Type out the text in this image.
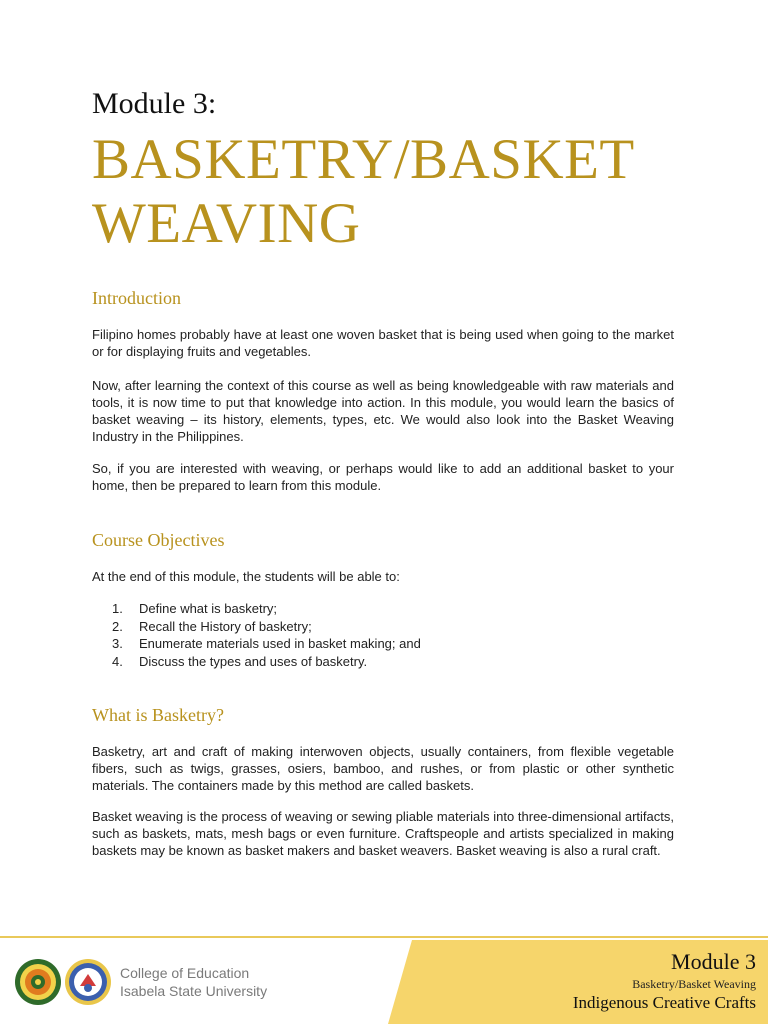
Module 3:
BASKETRY/BASKET
WEAVING
Introduction

Filipino homes probably have at least one woven basket that is being used when going to the market or for displaying fruits and vegetables.

Now, after learning the context of this course as well as being knowledgeable with raw materials and tools, it is now time to put that knowledge into action. In this module, you would learn the basics of basket weaving – its history, elements, types, etc. We would also look into the Basket Weaving Industry in the Philippines.

So, if you are interested with weaving, or perhaps would like to add an additional basket to your home, then be prepared to learn from this module.

Course Objectives

At the end of this module, the students will be able to:

1.	Define what is basketry;
2.	Recall the History of basketry;
3.	Enumerate materials used in basket making; and
4.	Discuss the types and uses of basketry.
What is Basketry?

Basketry, art and craft of making interwoven objects, usually containers, from flexible vegetable fibers, such as twigs, grasses, osiers, bamboo, and rushes, or from plastic or other synthetic materials. The containers made by this method are called baskets.

Basket weaving is the process of weaving or sewing pliable materials into three-dimensional artifacts, such as baskets, mats, mesh bags or even furniture. Craftspeople and artists specialized in making baskets may be known as basket makers and basket weavers. Basket weaving is also a rural craft.

College of Education
Isabela State University
Module 3
Basketry/Basket Weaving
Indigenous Creative Crafts
